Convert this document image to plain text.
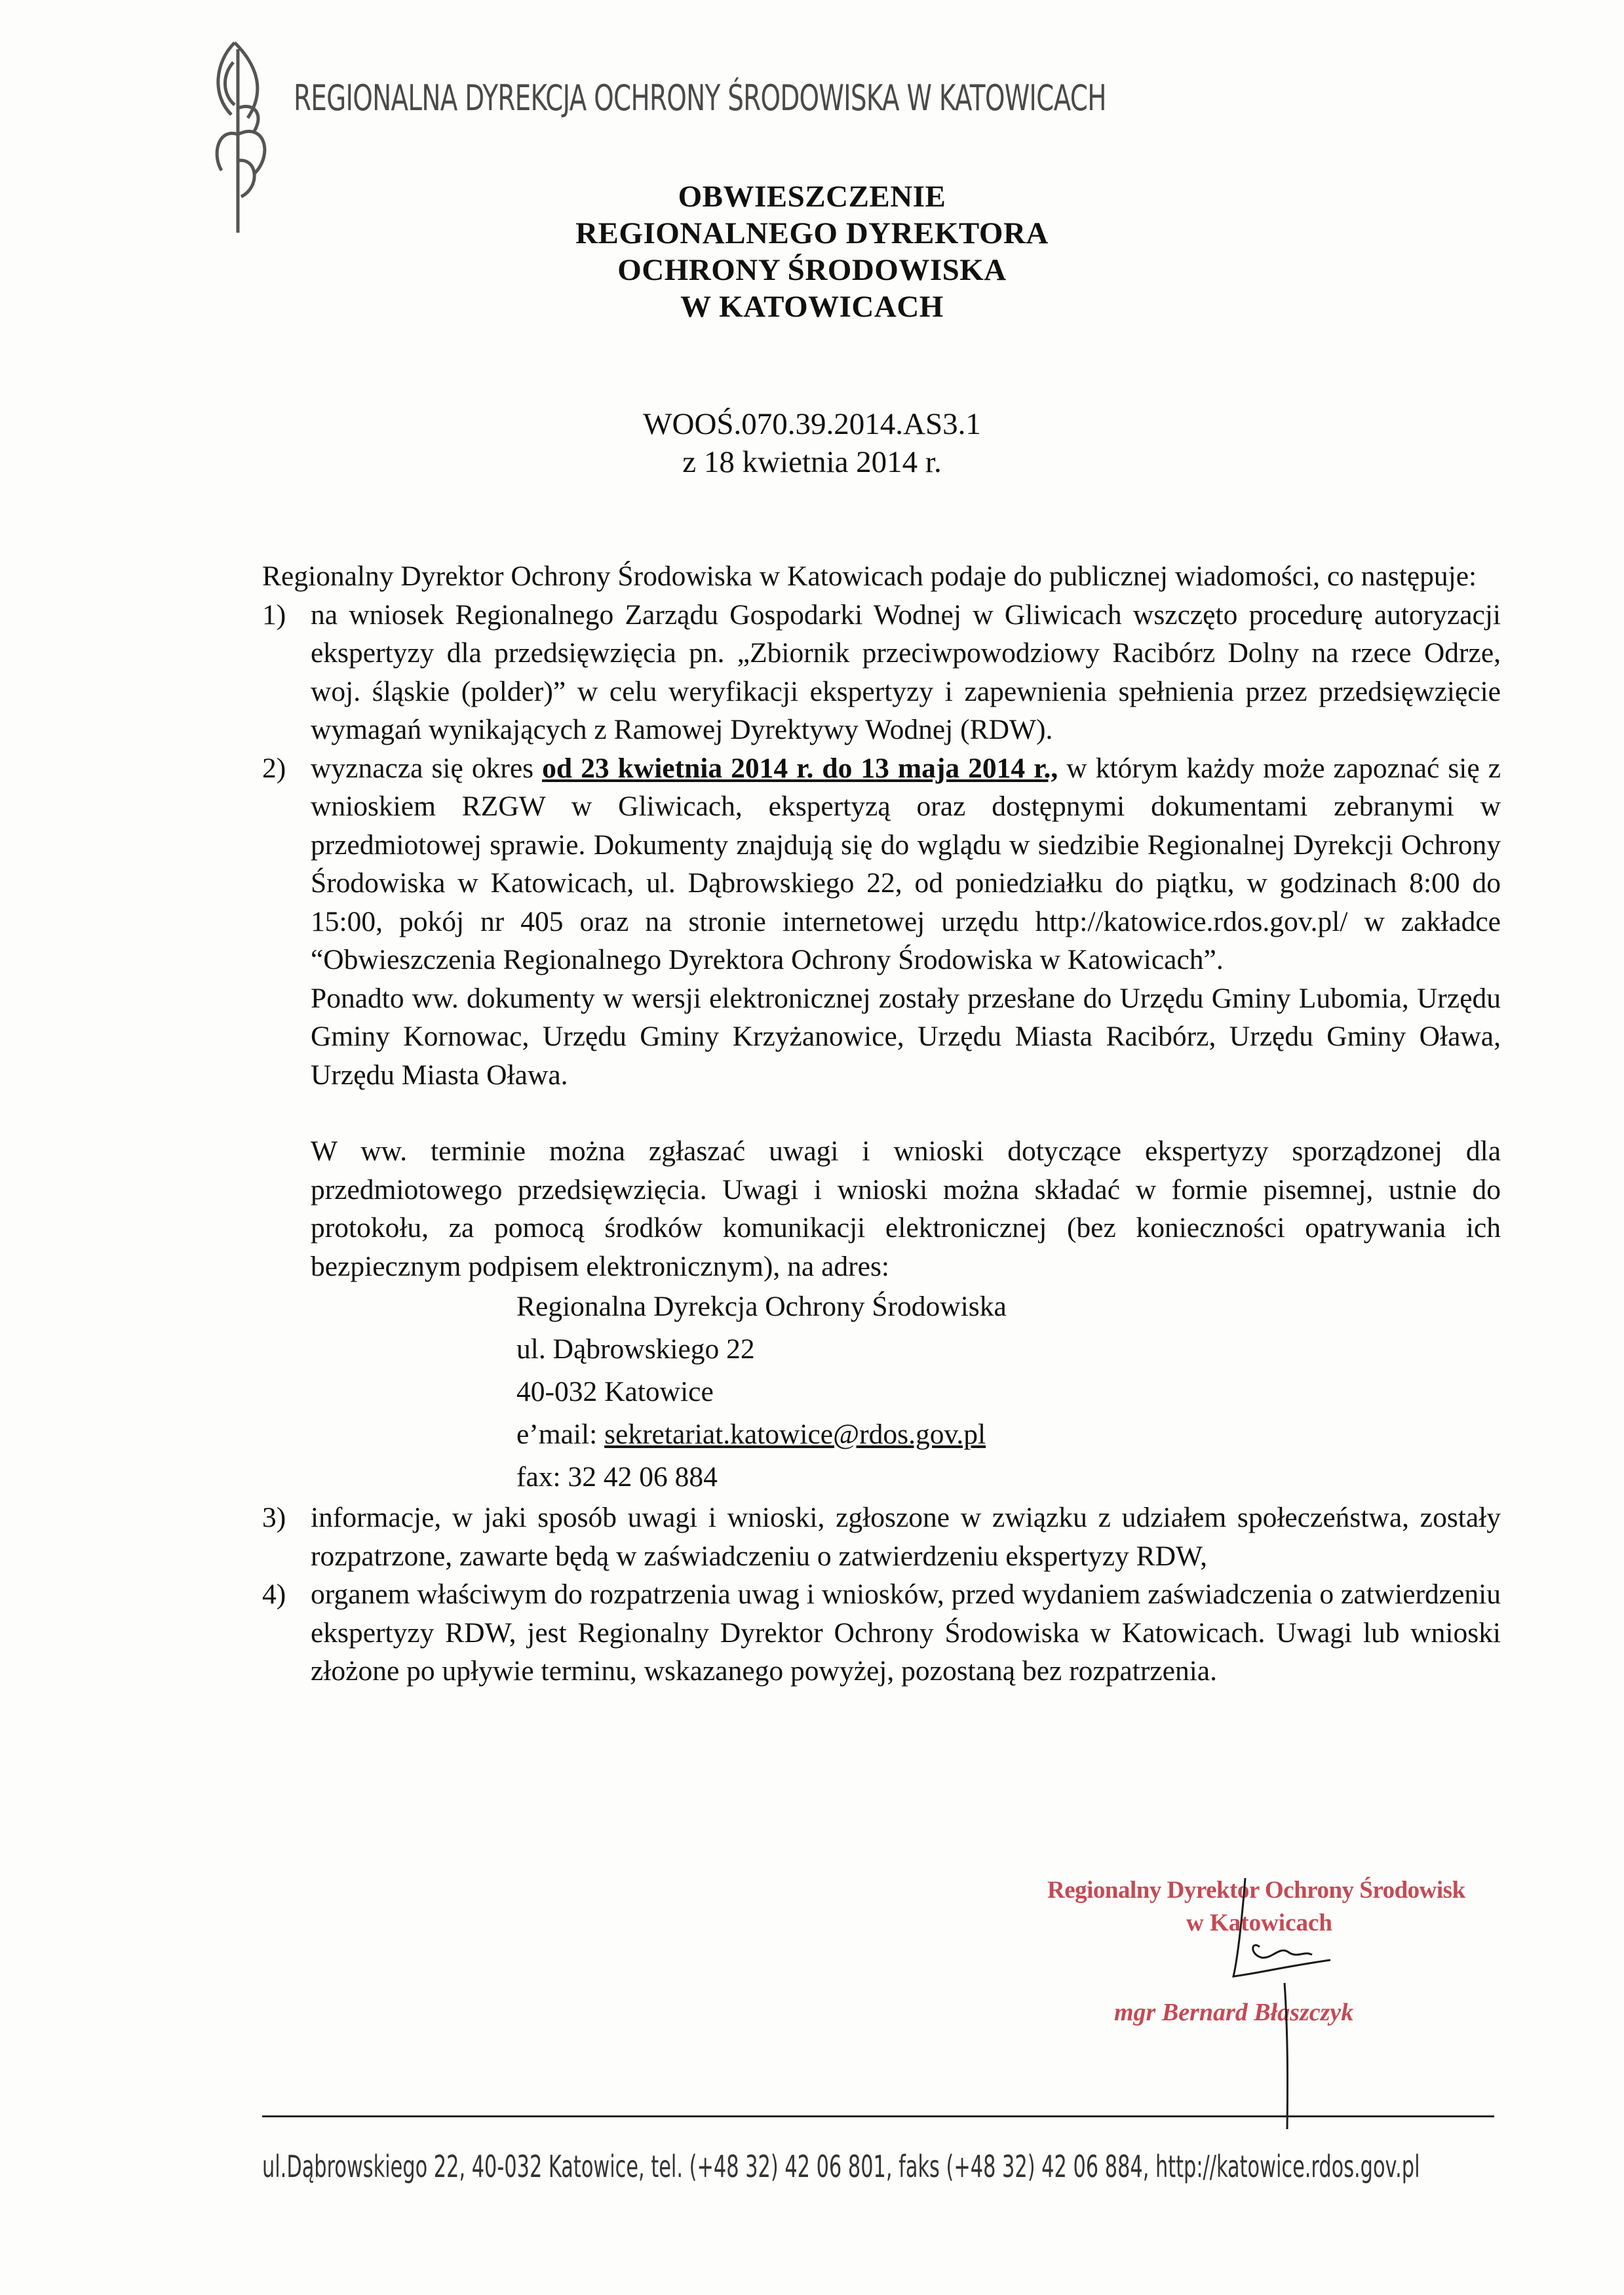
REGIONALNA DYREKCJA OCHRONY ŚRODOWISKA W KATOWICACH
OBWIESZCZENIE
REGIONALNEGO DYREKTORA
OCHRONY ŚRODOWISKA
W KATOWICACH
WOOŚ.070.39.2014.AS3.1
z 18 kwietnia 2014 r.

Regionalny Dyrektor Ochrony Środowiska w Katowicach podaje do publicznej wiadomości, co następuje:

1) na wniosek Regionalnego Zarządu Gospodarki Wodnej w Gliwicach wszczęto procedurę autoryzacji ekspertyzy dla przedsięwzięcia pn. „Zbiornik przeciwpowodziowy Racibórz Dolny na rzece Odrze, woj. śląskie (polder)” w celu weryfikacji ekspertyzy i zapewnienia spełnienia przez przedsięwzięcie wymagań wynikających z Ramowej Dyrektywy Wodnej (RDW).

2) wyznacza się okres od 23 kwietnia 2014 r. do 13 maja 2014 r., w którym każdy może zapoznać się z wnioskiem RZGW w Gliwicach, ekspertyzą oraz dostępnymi dokumentami zebranymi w przedmiotowej sprawie. Dokumenty znajdują się do wglądu w siedzibie Regionalnej Dyrekcji Ochrony Środowiska w Katowicach, ul. Dąbrowskiego 22, od poniedziałku do piątku, w godzinach 8:00 do 15:00, pokój nr 405 oraz na stronie internetowej urzędu http://katowice.rdos.gov.pl/ w zakładce “Obwieszczenia Regionalnego Dyrektora Ochrony Środowiska w Katowicach”.

Ponadto ww. dokumenty w wersji elektronicznej zostały przesłane do Urzędu Gminy Lubomia, Urzędu Gminy Kornowac, Urzędu Gminy Krzyżanowice, Urzędu Miasta Racibórz, Urzędu Gminy Oława, Urzędu Miasta Oława.

W ww. terminie można zgłaszać uwagi i wnioski dotyczące ekspertyzy sporządzonej dla przedmiotowego przedsięwzięcia. Uwagi i wnioski można składać w formie pisemnej, ustnie do protokołu, za pomocą środków komunikacji elektronicznej (bez konieczności opatrywania ich bezpiecznym podpisem elektronicznym), na adres:

Regionalna Dyrekcja Ochrony Środowiska
ul. Dąbrowskiego 22
40-032 Katowice
e’mail: sekretariat.katowice@rdos.gov.pl
fax: 32 42 06 884
3) informacje, w jaki sposób uwagi i wnioski, zgłoszone w związku z udziałem społeczeństwa, zostały rozpatrzone, zawarte będą w zaświadczeniu o zatwierdzeniu ekspertyzy RDW,

4) organem właściwym do rozpatrzenia uwag i wniosków, przed wydaniem zaświadczenia o zatwierdzeniu ekspertyzy RDW, jest Regionalny Dyrektor Ochrony Środowiska w Katowicach. Uwagi lub wnioski złożone po upływie terminu, wskazanego powyżej, pozostaną bez rozpatrzenia.

Regionalny Dyrektor Ochrony Środowisk
w Katowicach
mgr Bernard Błaszczyk
ul.Dąbrowskiego 22, 40-032 Katowice, tel. (+48 32) 42 06 801, faks (+48 32) 42 06 884, http://katowice.rdos.gov.pl
